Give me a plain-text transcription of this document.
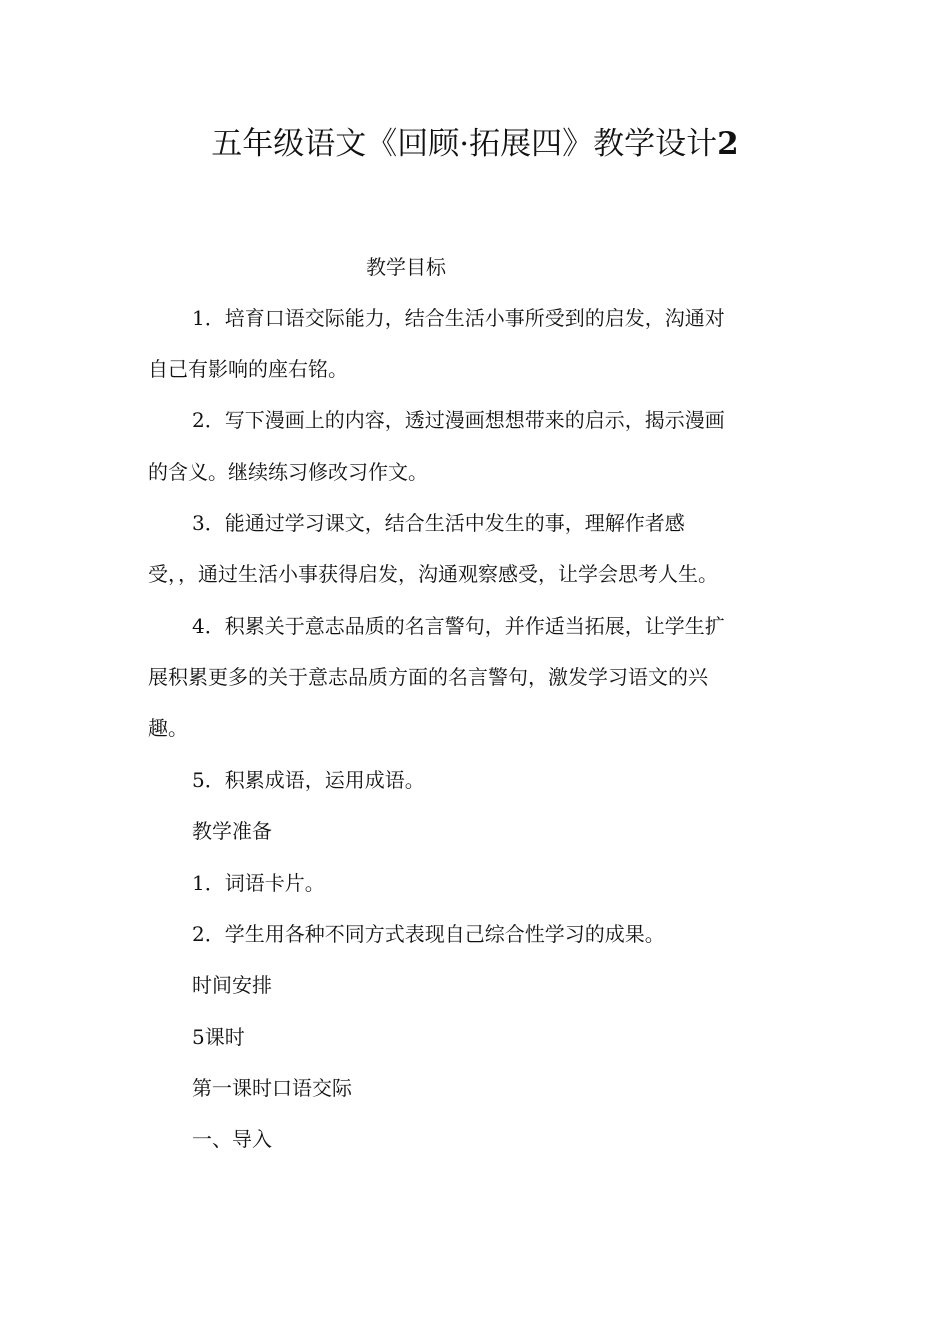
五年级语文《回顾·拓展四》教学设计2
教学目标
1．培育口语交际能力，结合生活小事所受到的启发，沟通对
自己有影响的座右铭。
2．写下漫画上的内容，透过漫画想想带来的启示，揭示漫画
的含义。继续练习修改习作文。
3．能通过学习课文，结合生活中发生的事，理解作者感
受，，通过生活小事获得启发，沟通观察感受，让学会思考人生。
4．积累关于意志品质的名言警句，并作适当拓展，让学生扩
展积累更多的关于意志品质方面的名言警句，激发学习语文的兴
趣。
5．积累成语，运用成语。
教学准备
1．词语卡片。
2．学生用各种不同方式表现自己综合性学习的成果。
时间安排
5课时
第一课时口语交际
一、导入
